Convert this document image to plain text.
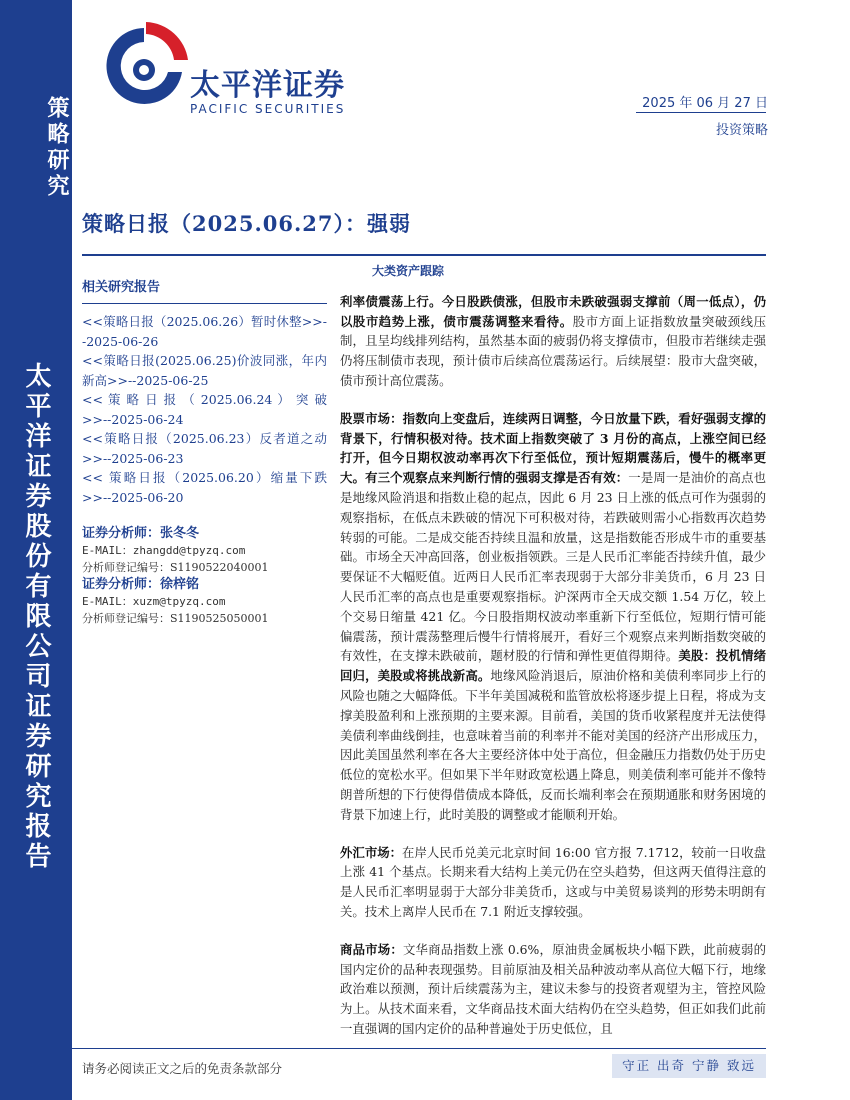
策略研究
太平洋证券股份有限公司证券研究报告
太平洋证券
PACIFIC SECURITIES	2025 年 06 月 27 日
投资策略
策略日报（2025.06.27）：强弱
相关研究报告
<<策略日报（2025.06.26）暂时休整>>--2025-06-26
<<策略日报(2025.06.25)价波同涨，年内新高>>--2025-06-25
<< 策 略 日 报 （ 2025.06.24 ） 突 破>>--2025-06-24
<<策略日报（2025.06.23）反者道之动>>--2025-06-23
<< 策略日报（2025.06.20）缩量下跌>>--2025-06-20
证券分析师：张冬冬
E-MAIL：zhangdd@tpyzq.com
分析师登记编号：S1190522040001
证券分析师：徐梓铭
E-MAIL：xuzm@tpyzq.com
分析师登记编号：S1190525050001
大类资产跟踪
利率债震荡上行。今日股跌债涨，但股市未跌破强弱支撑前（周一低点），仍以股市趋势上涨，债市震荡调整来看待。股市方面上证指数放量突破颈线压制，且呈均线排列结构，虽然基本面的疲弱仍将支撑债市，但股市若继续走强仍将压制债市表现，预计债市后续高位震荡运行。后续展望：股市大盘突破，债市预计高位震荡。
股票市场：指数向上变盘后，连续两日调整，今日放量下跌，看好强弱支撑的背景下，行情积极对待。技术面上指数突破了 3 月份的高点，上涨空间已经打开，但今日期权波动率再次下行至低位，预计短期震荡后，慢牛的概率更大。有三个观察点来判断行情的强弱支撑是否有效：一是周一是油价的高点也是地缘风险消退和指数止稳的起点，因此 6 月 23 日上涨的低点可作为强弱的观察指标，在低点未跌破的情况下可积极对待，若跌破则需小心指数再次趋势转弱的可能。二是成交能否持续且温和放量，这是指数能否形成牛市的重要基础。市场全天冲高回落，创业板指领跌。三是人民币汇率能否持续升值，最少要保证不大幅贬值。近两日人民币汇率表现弱于大部分非美货币，6 月 23 日人民币汇率的高点也是重要观察指标。沪深两市全天成交额 1.54 万亿，较上个交易日缩量 421 亿。今日股指期权波动率重新下行至低位，短期行情可能偏震荡，预计震荡整理后慢牛行情将展开，看好三个观察点来判断指数突破的有效性，在支撑未跌破前，题材股的行情和弹性更值得期待。美股：投机情绪回归，美股或将挑战新高。地缘风险消退后，原油价格和美债利率同步上行的风险也随之大幅降低。下半年美国减税和监管放松将逐步提上日程，将成为支撑美股盈利和上涨预期的主要来源。目前看，美国的货币收紧程度并无法使得美债利率曲线倒挂，也意味着当前的利率并不能对美国的经济产出形成压力，因此美国虽然利率在各大主要经济体中处于高位，但金融压力指数仍处于历史低位的宽松水平。但如果下半年财政宽松遇上降息，则美债利率可能并不像特朗普所想的下行使得借债成本降低，反而长端利率会在预期通胀和财务困境的背景下加速上行，此时美股的调整或才能顺利开始。
外汇市场：在岸人民币兑美元北京时间 16:00 官方报 7.1712，较前一日收盘上涨 41 个基点。长期来看大结构上美元仍在空头趋势，但这两天值得注意的是人民币汇率明显弱于大部分非美货币，这或与中美贸易谈判的形势未明朗有关。技术上离岸人民币在 7.1 附近支撑较强。
商品市场：文华商品指数上涨 0.6%，原油贵金属板块小幅下跌，此前疲弱的国内定价的品种表现强势。目前原油及相关品种波动率从高位大幅下行，地缘政治难以预测，预计后续震荡为主，建议未参与的投资者观望为主，管控风险为上。从技术面来看，文华商品技术面大结构仍在空头趋势，但正如我们此前一直强调的国内定价的品种普遍处于历史低位，且
请务必阅读正文之后的免责条款部分	守正 出奇 宁静 致远
